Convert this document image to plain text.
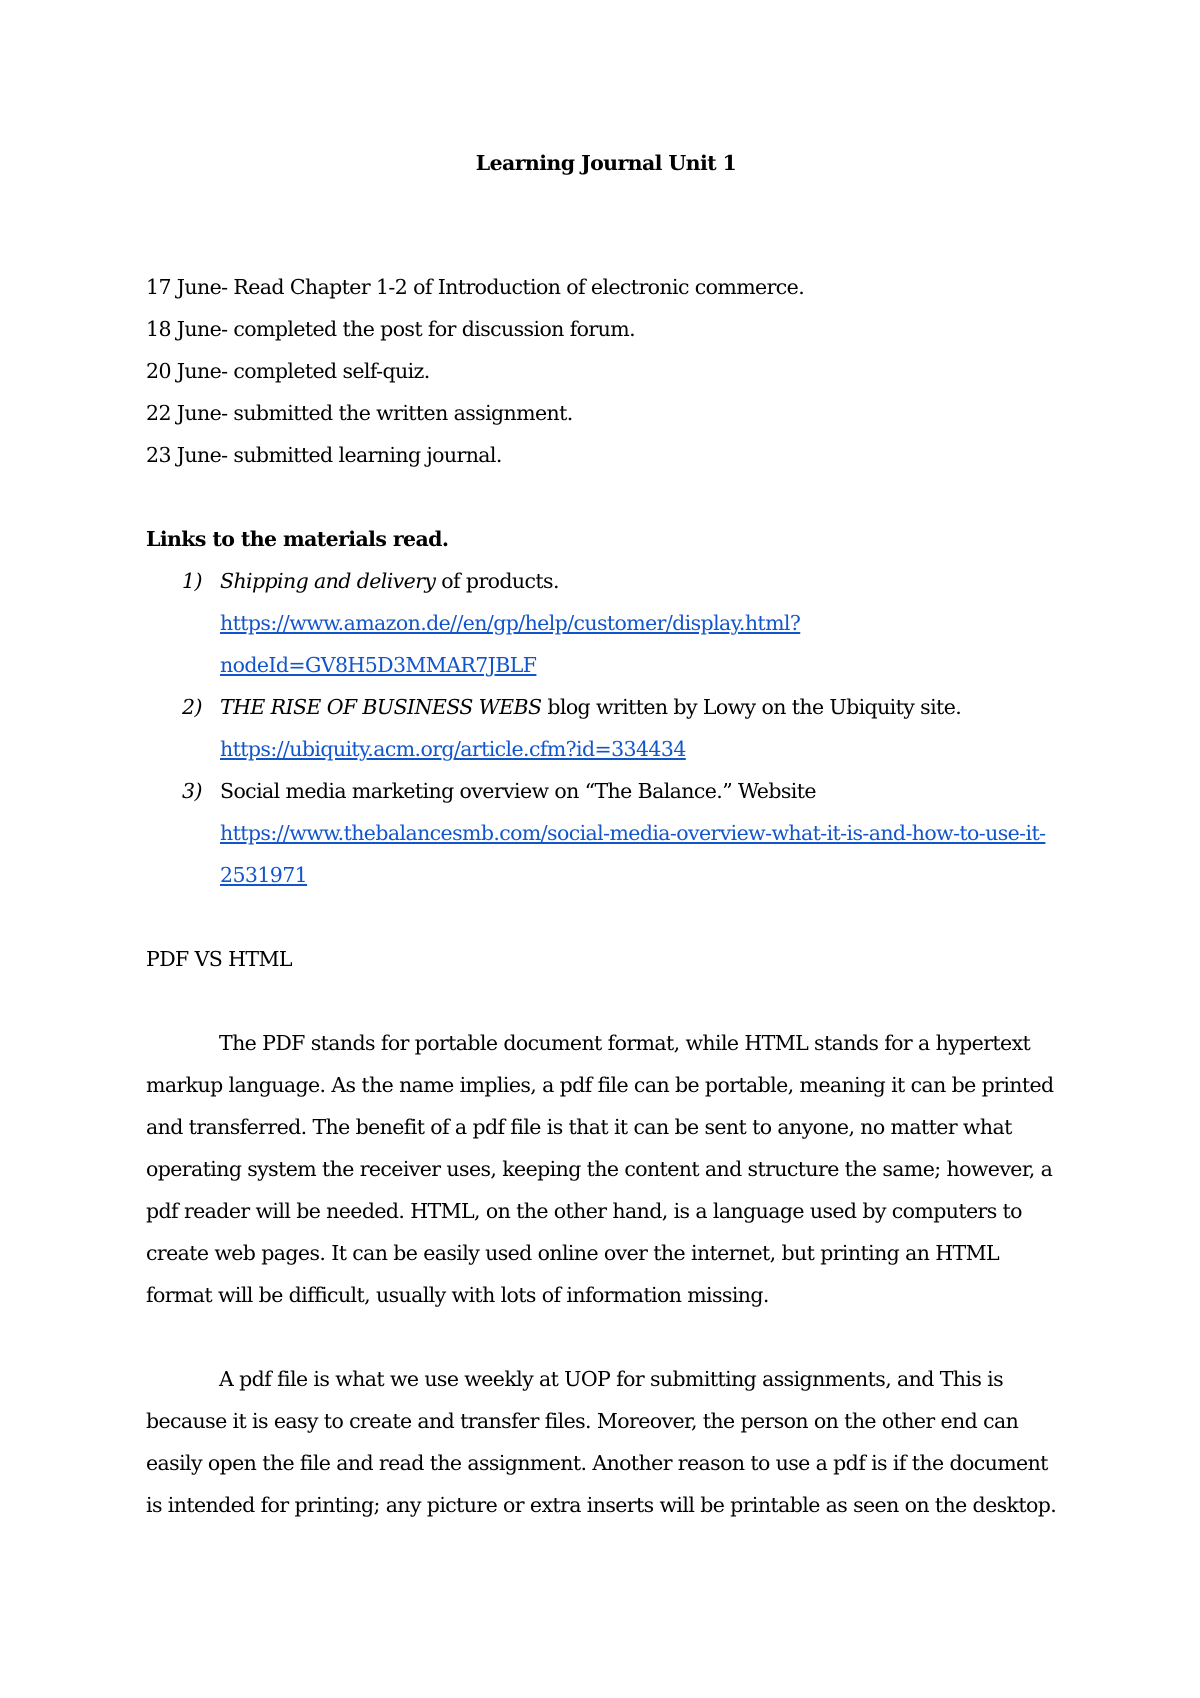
Learning Journal Unit 1
17 June- Read Chapter 1-2 of Introduction of electronic commerce.
18 June- completed the post for discussion forum.
20 June- completed self-quiz.
22 June- submitted the written assignment.
23 June- submitted learning journal.
Links to the materials read.
1) Shipping and delivery of products.
https://www.amazon.de//en/gp/help/customer/display.html?
nodeId=GV8H5D3MMAR7JBLF
2) THE RISE OF BUSINESS WEBS blog written by Lowy on the Ubiquity site.
https://ubiquity.acm.org/article.cfm?id=334434
3) Social media marketing overview on “The Balance.” Website
https://www.thebalancesmb.com/social-media-overview-what-it-is-and-how-to-use-it-
2531971
PDF VS HTML

The PDF stands for portable document format, while HTML stands for a hypertext markup language. As the name implies, a pdf file can be portable, meaning it can be printed and transferred. The benefit of a pdf file is that it can be sent to anyone, no matter what operating system the receiver uses, keeping the content and structure the same; however, a pdf reader will be needed. HTML, on the other hand, is a language used by computers to create web pages. It can be easily used online over the internet, but printing an HTML format will be difficult, usually with lots of information missing.

A pdf file is what we use weekly at UOP for submitting assignments, and This is because it is easy to create and transfer files. Moreover, the person on the other end can easily open the file and read the assignment. Another reason to use a pdf is if the document is intended for printing; any picture or extra inserts will be printable as seen on the desktop.
